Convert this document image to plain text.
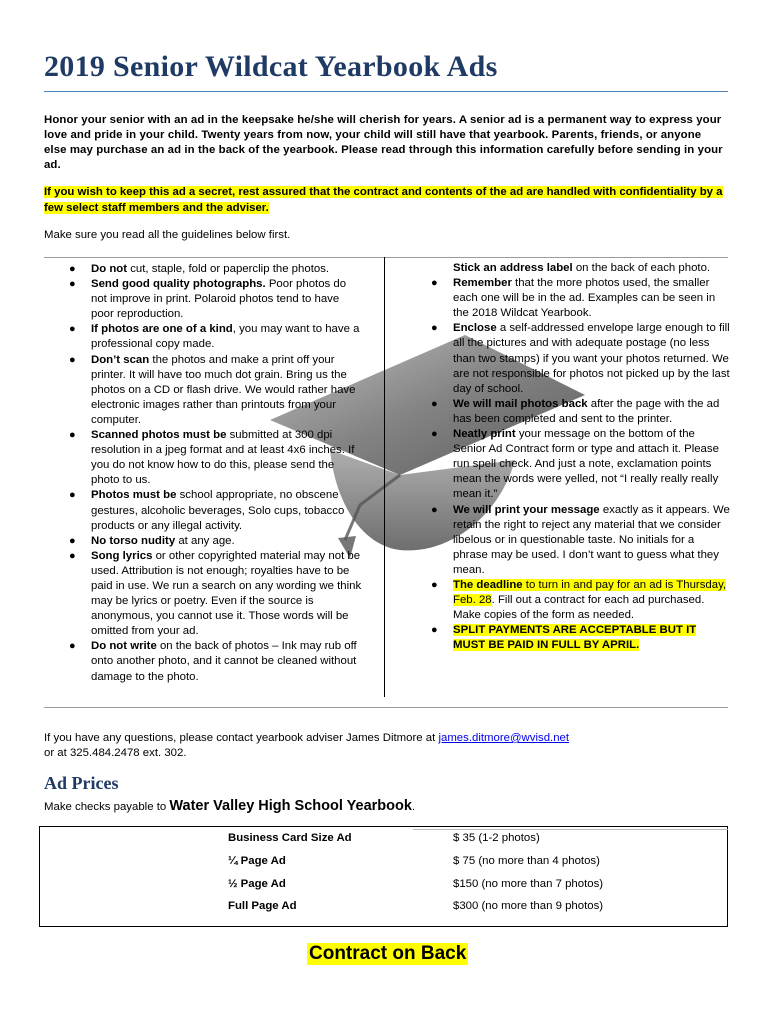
2019 Senior Wildcat Yearbook Ads
Honor your senior with an ad in the keepsake he/she will cherish for years. A senior ad is a permanent way to express your love and pride in your child. Twenty years from now, your child will still have that yearbook. Parents, friends, or anyone else may purchase an ad in the back of the yearbook. Please read through this information carefully before sending in your ad.
If you wish to keep this ad a secret, rest assured that the contract and contents of the ad are handled with confidentiality by a few select staff members and the adviser.
Make sure you read all the guidelines below first.
● Do not cut, staple, fold or paperclip the photos.
● Send good quality photographs. Poor photos do not improve in print. Polaroid photos tend to have poor reproduction.
● If photos are one of a kind, you may want to have a professional copy made.
● Don’t scan the photos and make a print off your printer. It will have too much dot grain. Bring us the photos on a CD or flash drive. We would rather have electronic images rather than printouts from your computer.
● Scanned photos must be submitted at 300 dpi resolution in a jpeg format and at least 4x6 inches. If you do not know how to do this, please send the photo to us.
● Photos must be school appropriate, no obscene gestures, alcoholic beverages, Solo cups, tobacco products or any illegal activity.
● No torso nudity at any age.
● Song lyrics or other copyrighted material may not be used. Attribution is not enough; royalties have to be paid in use. We run a search on any wording we think may be lyrics or poetry. Even if the source is anonymous, you cannot use it. Those words will be omitted from your ad.
● Do not write on the back of photos – Ink may rub off onto another photo, and it cannot be cleaned without damage to the photo.
Stick an address label on the back of each photo.
● Remember that the more photos used, the smaller each one will be in the ad. Examples can be seen in the 2018 Wildcat Yearbook.
● Enclose a self-addressed envelope large enough to fill all the pictures and with adequate postage (no less than two stamps) if you want your photos returned. We are not responsible for photos not picked up by the last day of school.
● We will mail photos back after the page with the ad has been completed and sent to the printer.
● Neatly print your message on the bottom of the Senior Ad Contract form or type and attach it. Please run spell check. And just a note, exclamation points mean the words were yelled, not “I really really really mean it.”
● We will print your message exactly as it appears. We retain the right to reject any material that we consider libelous or in questionable taste. No initials for a phrase may be used. I don’t want to guess what they mean.
● The deadline to turn in and pay for an ad is Thursday, Feb. 28. Fill out a contract for each ad purchased. Make copies of the form as needed.
● SPLIT PAYMENTS ARE ACCEPTABLE BUT IT MUST BE PAID IN FULL BY APRIL.
If you have any questions, please contact yearbook adviser James Ditmore at james.ditmore@wvisd.net
or at 325.484.2478 ext. 302.
Ad Prices
Make checks payable to Water Valley High School Yearbook.
Business Card Size Ad	$ 35 (1-2 photos)
¼ Page Ad	$ 75 (no more than 4 photos)
½ Page Ad	$150 (no more than 7 photos)
Full Page Ad	$300 (no more than 9 photos)
Contract on Back
